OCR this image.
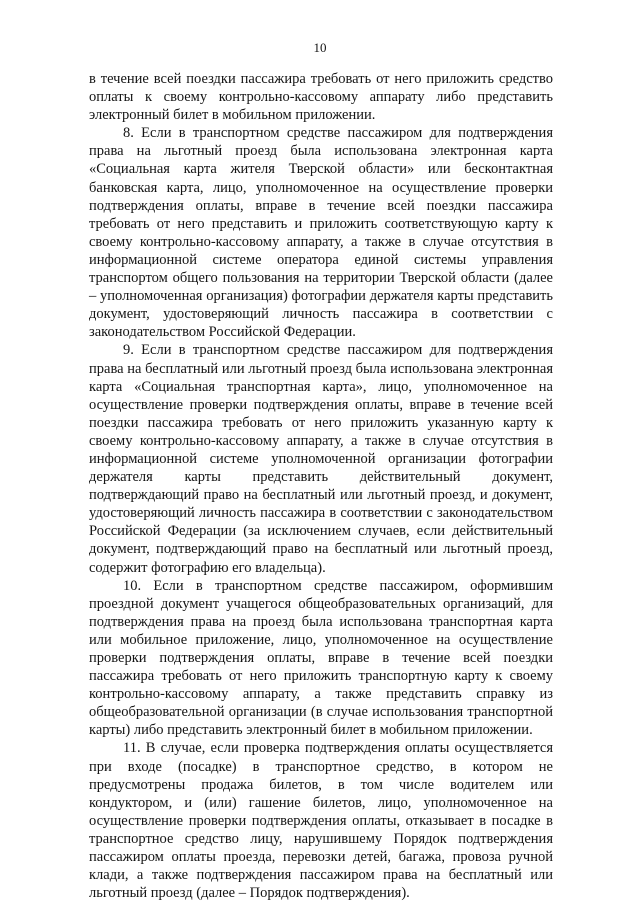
10

в течение всей поездки пассажира требовать от него приложить средство оплаты к своему контрольно-кассовому аппарату либо представить электронный билет в мобильном приложении.

8. Если в транспортном средстве пассажиром для подтверждения права на льготный проезд была использована электронная карта «Социальная карта жителя Тверской области» или бесконтактная банковская карта, лицо, уполномоченное на осуществление проверки подтверждения оплаты, вправе в течение всей поездки пассажира требовать от него представить и приложить соответствующую карту к своему контрольно-кассовому аппарату, а также в случае отсутствия в информационной системе оператора единой системы управления транспортом общего пользования на территории Тверской области (далее – уполномоченная организация) фотографии держателя карты представить документ, удостоверяющий личность пассажира в соответствии с законодательством Российской Федерации.

9. Если в транспортном средстве пассажиром для подтверждения права на бесплатный или льготный проезд была использована электронная карта «Социальная транспортная карта», лицо, уполномоченное на осуществление проверки подтверждения оплаты, вправе в течение всей поездки пассажира требовать от него приложить указанную карту к своему контрольно-кассовому аппарату, а также в случае отсутствия в информационной системе уполномоченной организации фотографии держателя карты представить действительный документ, подтверждающий право на бесплатный или льготный проезд, и документ, удостоверяющий личность пассажира в соответствии с законодательством Российской Федерации (за исключением случаев, если действительный документ, подтверждающий право на бесплатный или льготный проезд, содержит фотографию его владельца).

10. Если в транспортном средстве пассажиром, оформившим проездной документ учащегося общеобразовательных организаций, для подтверждения права на проезд была использована транспортная карта или мобильное приложение, лицо, уполномоченное на осуществление проверки подтверждения оплаты, вправе в течение всей поездки пассажира требовать от него приложить транспортную карту к своему контрольно-кассовому аппарату, а также представить справку из общеобразовательной организации (в случае использования транспортной карты) либо представить электронный билет в мобильном приложении.

11. В случае, если проверка подтверждения оплаты осуществляется при входе (посадке) в транспортное средство, в котором не предусмотрены продажа билетов, в том числе водителем или кондуктором, и (или) гашение билетов, лицо, уполномоченное на осуществление проверки подтверждения оплаты, отказывает в посадке в транспортное средство лицу, нарушившему Порядок подтверждения пассажиром оплаты проезда, перевозки детей, багажа, провоза ручной клади, а также подтверждения пассажиром права на бесплатный или льготный проезд (далее – Порядок подтверждения).
